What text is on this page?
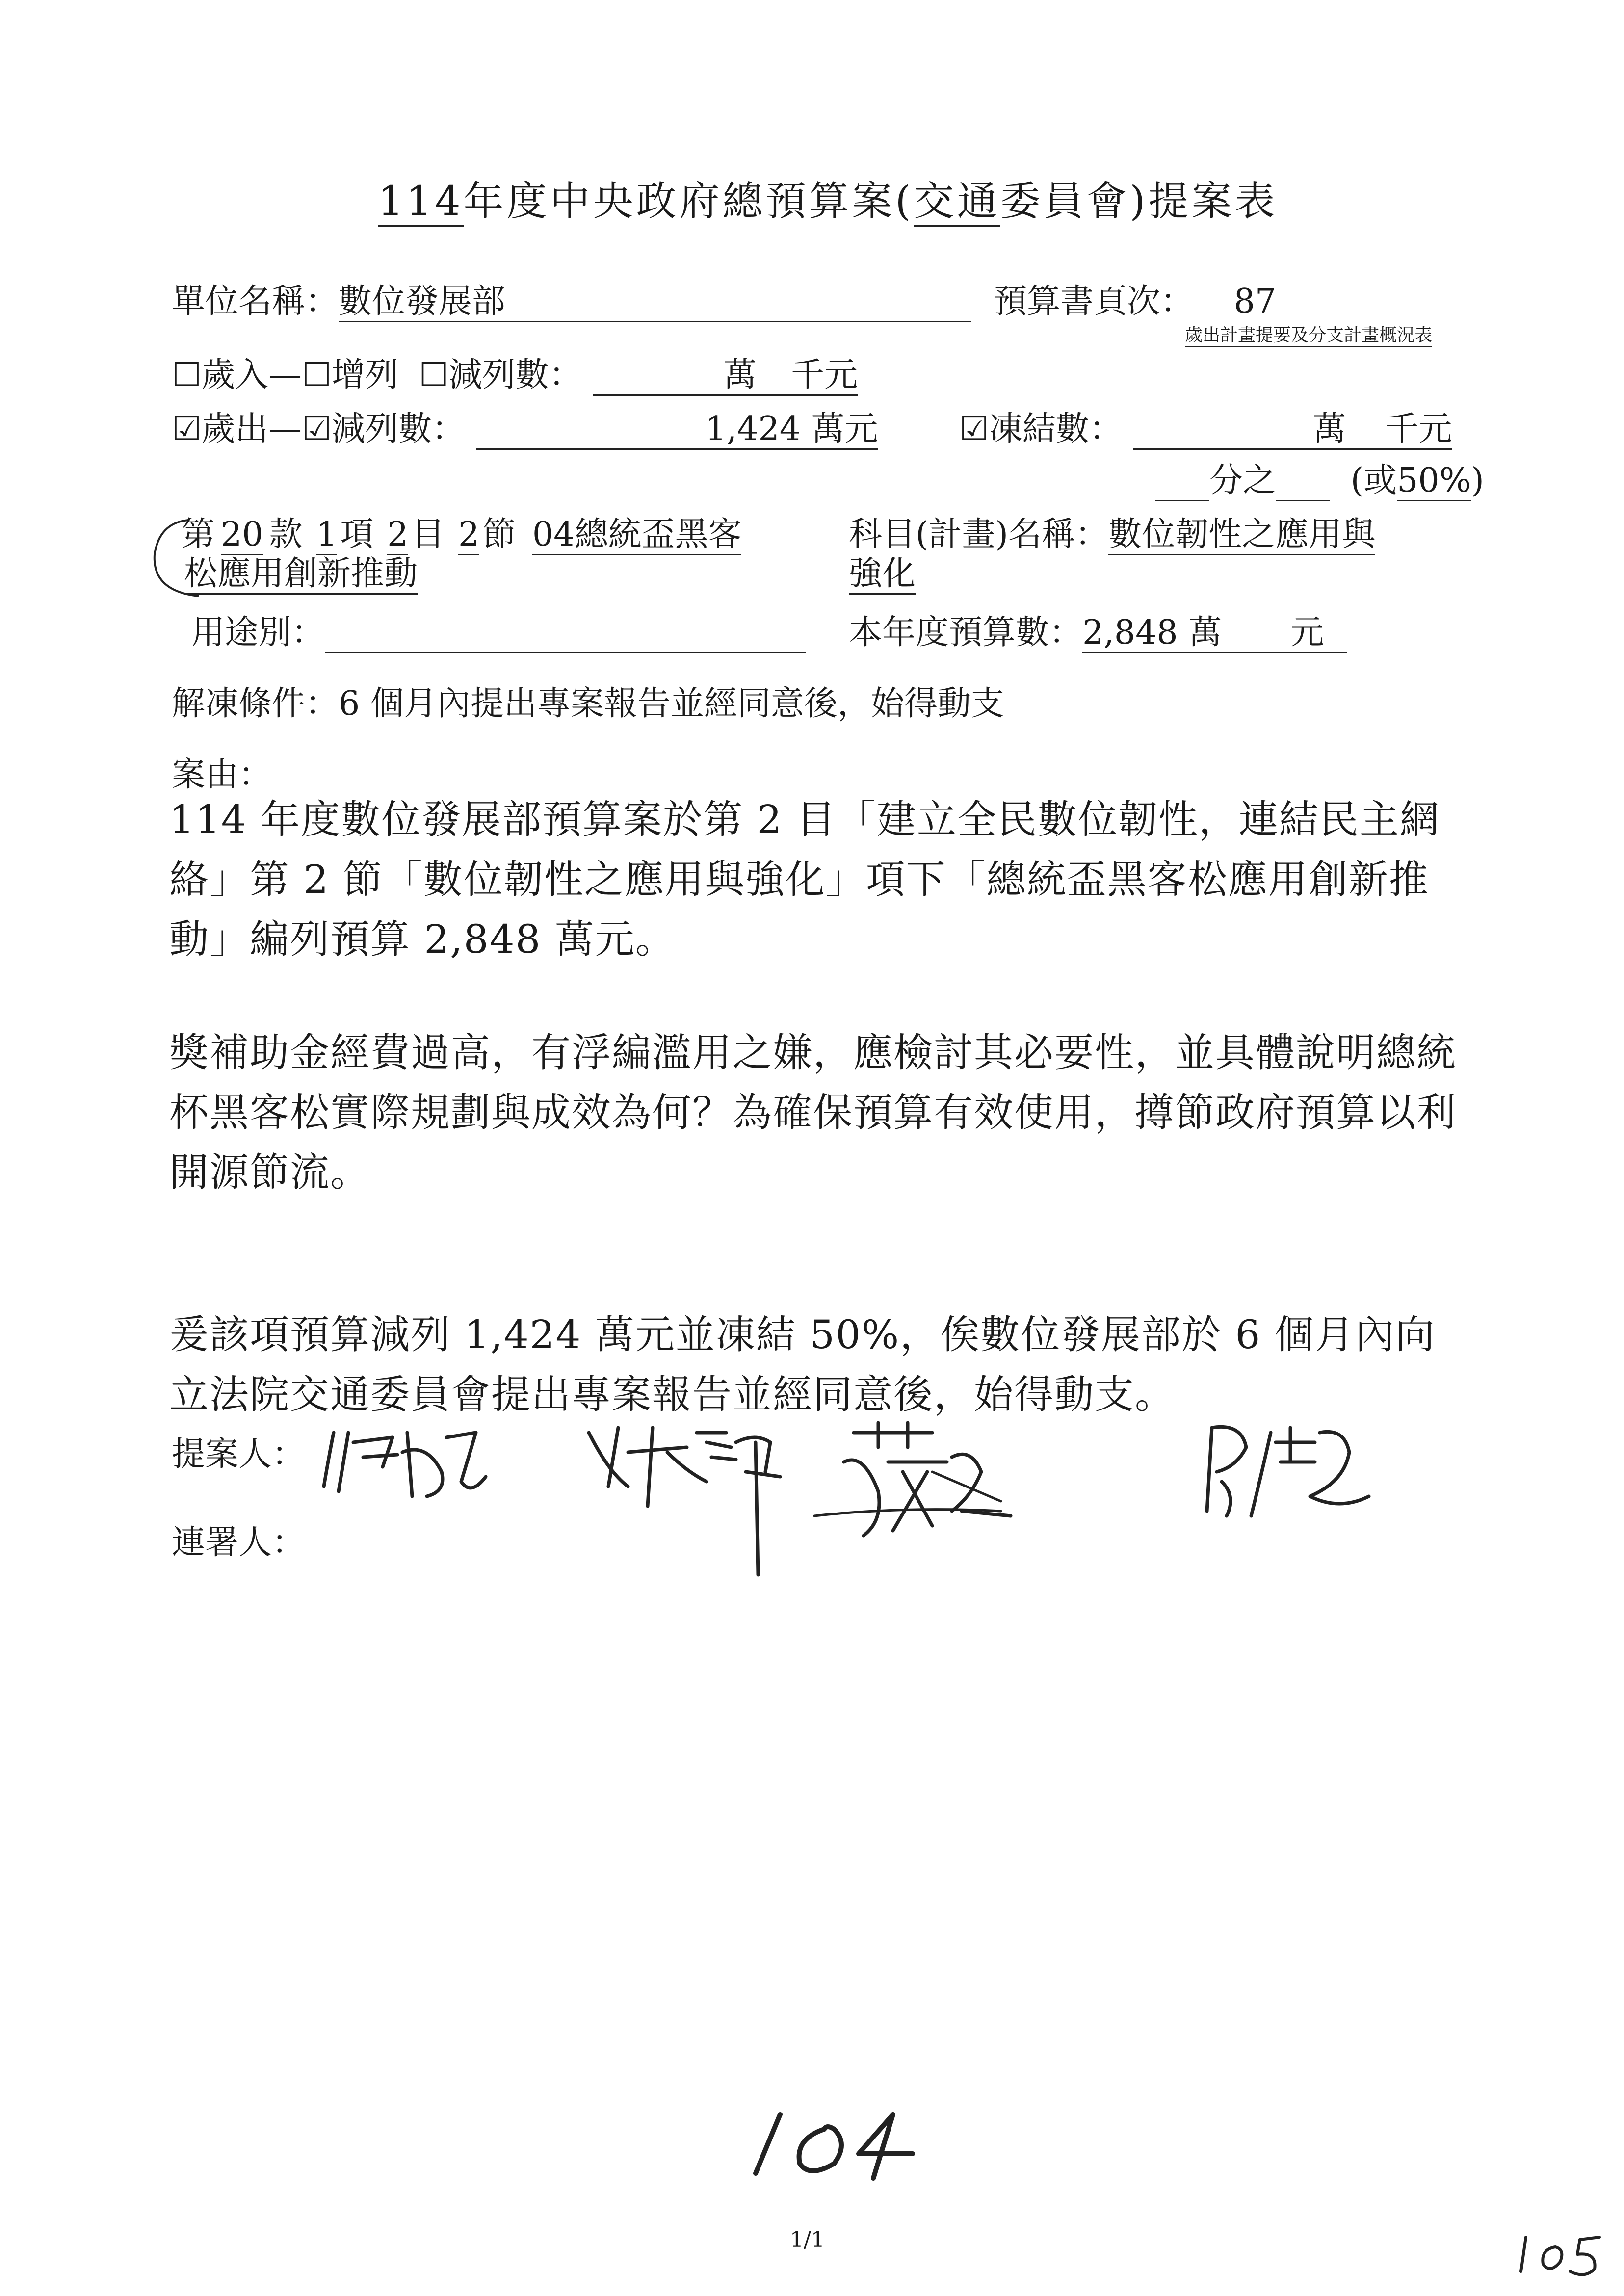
114年度中央政府總預算案(交通委員會)提案表
單位名稱：數位發展部	預算書頁次： 87
歲出計畫提要及分支計畫概況表
☐歲入—☐增列 ☐減列數：	萬 千元
☑歲出—☑減列數：	1,424 萬元 ☑凍結數：	萬 千元
分之 (或50%)
第 20 款 1項 2目 2節 04總統盃黑客
松應用創新推動
科目(計畫)名稱：數位韌性之應用與
強化
用途別：	本年度預算數：2,848 萬 元
解凍條件：6 個月內提出專案報告並經同意後，始得動支
案由：
114 年度數位發展部預算案於第 2 目「建立全民數位韌性，連結民主網絡」第 2 節「數位韌性之應用與強化」項下「總統盃黑客松應用創新推動」編列預算 2,848 萬元。
獎補助金經費過高，有浮編濫用之嫌，應檢討其必要性，並具體說明總統杯黑客松實際規劃與成效為何？為確保預算有效使用，撙節政府預算以利開源節流。
爰該項預算減列 1,424 萬元並凍結 50%，俟數位發展部於 6 個月內向立法院交通委員會提出專案報告並經同意後，始得動支。
提案人：
連署人：
1/1
